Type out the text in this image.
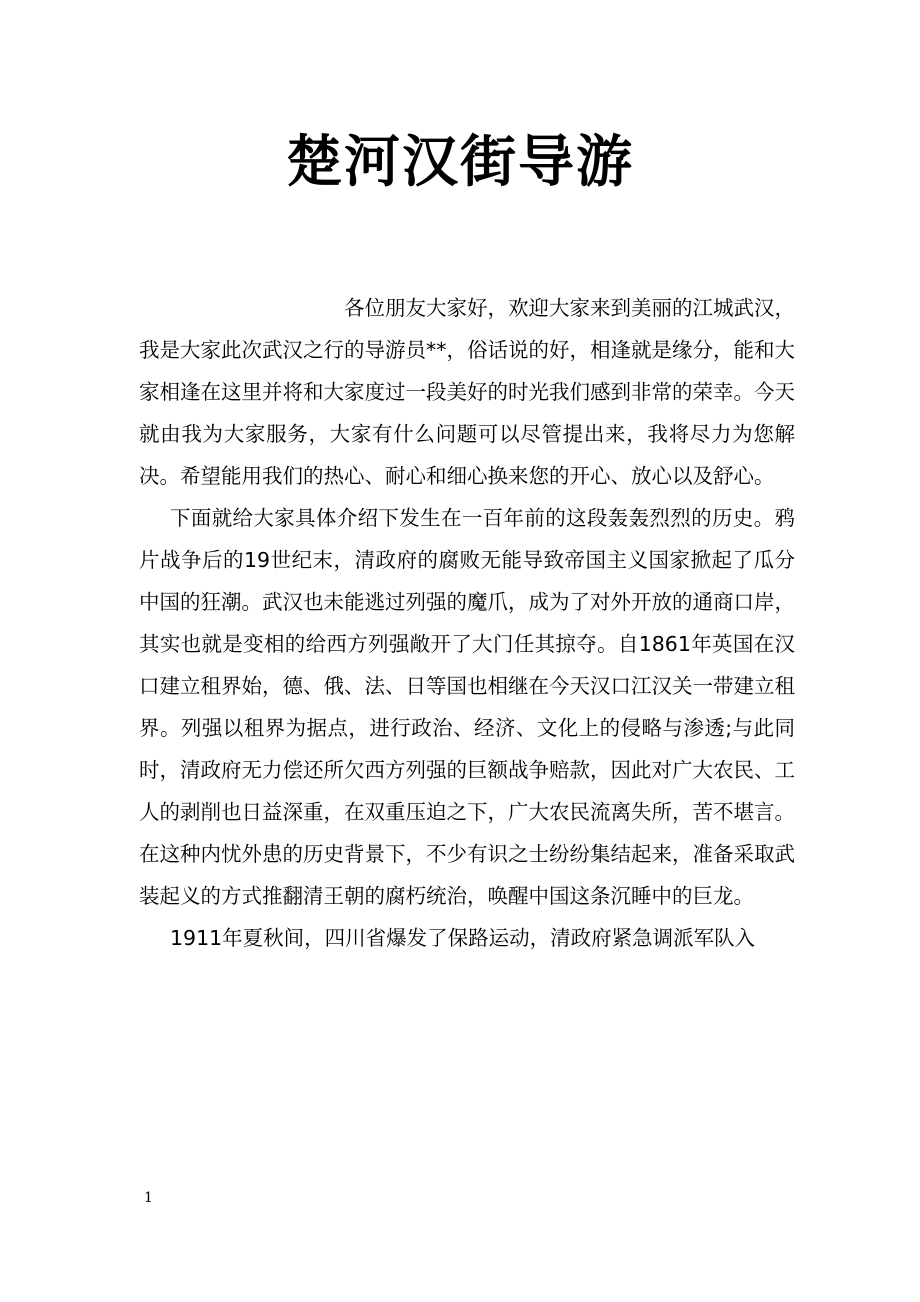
楚河汉街导游

各位朋友大家好，欢迎大家来到美丽的江城武汉，我是大家此次武汉之行的导游员**，俗话说的好，相逢就是缘分，能和大家相逢在这里并将和大家度过一段美好的时光我们感到非常的荣幸。今天就由我为大家服务，大家有什么问题可以尽管提出来，我将尽力为您解决。希望能用我们的热心、耐心和细心换来您的开心、放心以及舒心。

下面就给大家具体介绍下发生在一百年前的这段轰轰烈烈的历史。鸦片战争后的19世纪末，清政府的腐败无能导致帝国主义国家掀起了瓜分中国的狂潮。武汉也未能逃过列强的魔爪，成为了对外开放的通商口岸，其实也就是变相的给西方列强敞开了大门任其掠夺。自1861年英国在汉口建立租界始，德、俄、法、日等国也相继在今天汉口江汉关一带建立租界。列强以租界为据点，进行政治、经济、文化上的侵略与渗透;与此同时，清政府无力偿还所欠西方列强的巨额战争赔款，因此对广大农民、工人的剥削也日益深重，在双重压迫之下，广大农民流离失所，苦不堪言。在这种内忧外患的历史背景下，不少有识之士纷纷集结起来，准备采取武装起义的方式推翻清王朝的腐朽统治，唤醒中国这条沉睡中的巨龙。

1911年夏秋间，四川省爆发了保路运动，清政府紧急调派军队入

1
